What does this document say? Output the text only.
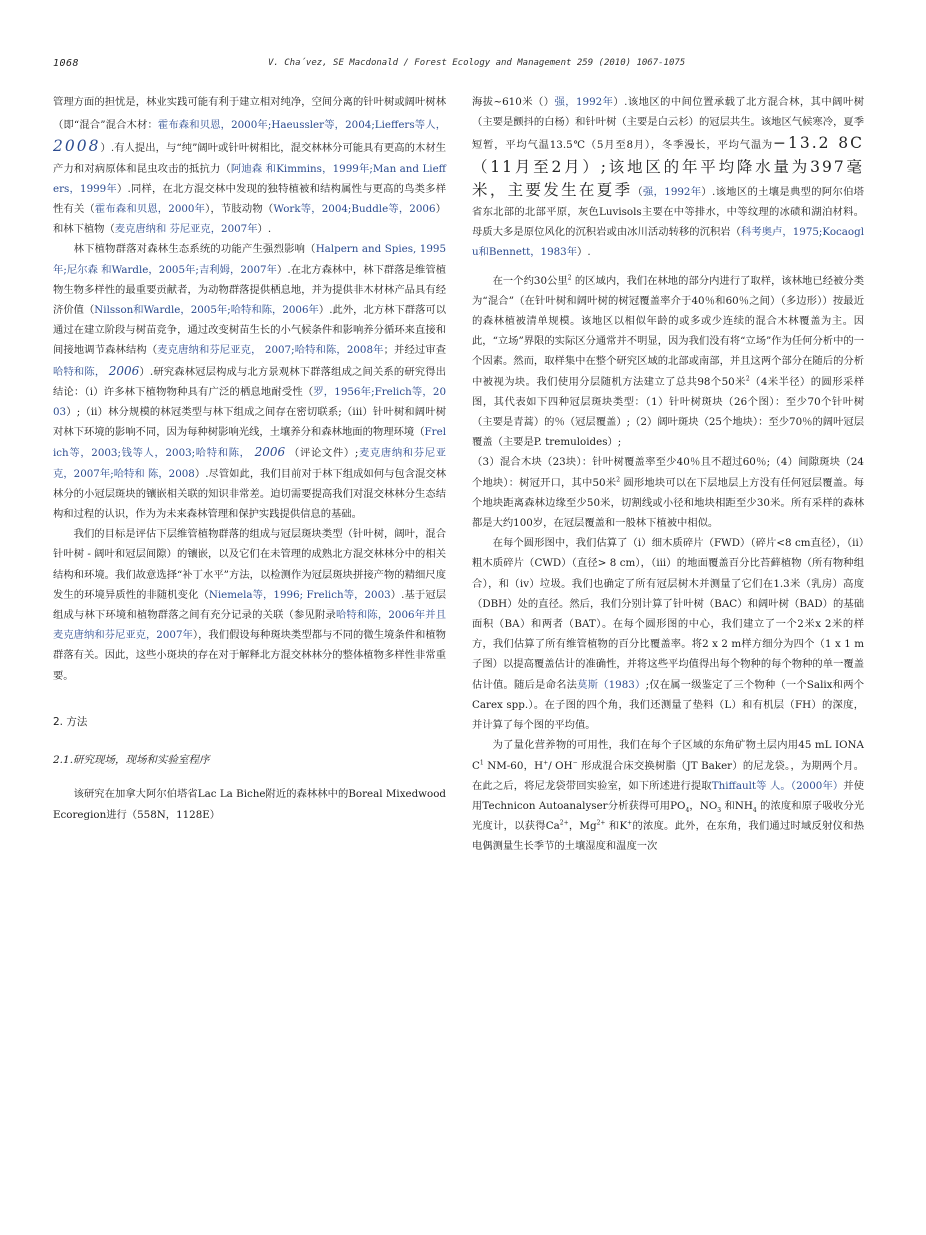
1068	V. Cha´vez, SE Macdonald / Forest Ecology and Management 259 (2010) 1067-1075

管理方面的担忧是，林业实践可能有利于建立相对纯净，空间分离的针叶树或阔叶树林（即“混合”混合木材：霍布森和贝恩，2000年;Haeussler等，2004;Lieffers等人， 2008）.有人提出，与“纯”阔叶或针叶树相比，混交林林分可能具有更高的木材生产力和对病原体和昆虫攻击的抵抗力（阿迪森 和Kimmins，1999年;Man and Lieffers，1999年）.同样，在北方混交林中发现的独特植被和结构属性与更高的鸟类多样性有关（霍布森和贝恩，2000年），节肢动物（Work等，2004;Buddle等，2006）和林下植物（麦克唐纳和 芬尼亚克，2007年）.

林下植物群落对森林生态系统的功能产生强烈影响（Halpern and Spies, 1995年;尼尔森 和Wardle，2005年;吉利姆，2007年）.在北方森林中，林下群落是维管植物生物多样性的最重要贡献者，为动物群落提供栖息地，并为提供非木材林产品具有经济价值（Nilsson和Wardle，2005年;哈特和陈，2006年）.此外，北方林下群落可以通过在建立阶段与树苗竞争，通过改变树苗生长的小气候条件和影响养分循环来直接和间接地调节森林结构（麦克唐纳和芬尼亚克， 2007;哈特和陈，2008年；并经过审查哈特和陈， 2006）.研究森林冠层构成与北方景观林下群落组成之间关系的研究得出结论：（i）许多林下植物物种具有广泛的栖息地耐受性（罗，1956年;Frelich等，2003）;（ii）林分规模的林冠类型与林下组成之间存在密切联系;（iii）针叶树和阔叶树对林下环境的影响不同，因为每种树影响光线，土壤养分和森林地面的物理环境（Frelich等，2003;钱等人，2003;哈特和陈， 2006 （评论文件）;麦克唐纳和芬尼亚克，2007年;哈特和 陈，2008）.尽管如此，我们目前对于林下组成如何与包含混交林林分的小冠层斑块的镶嵌相关联的知识非常差。迫切需要提高我们对混交林林分生态结构和过程的认识，作为为未来森林管理和保护实践提供信息的基础。

我们的目标是评估下层维管植物群落的组成与冠层斑块类型（针叶树，阔叶，混合针叶树 - 阔叶和冠层间隙）的镶嵌，以及它们在未管理的成熟北方混交林林分中的相关结构和环境。我们故意选择“补丁水平”方法，以检测作为冠层斑块拼接产物的精细尺度发生的环境异质性的非随机变化（Niemela等，1996; Frelich等，2003）.基于冠层组成与林下环境和植物群落之间有充分记录的关联（参见附录哈特和陈，2006年并且麦克唐纳和芬尼亚克，2007年），我们假设每种斑块类型都与不同的微生境条件和植物群落有关。因此，这些小斑块的存在对于解释北方混交林林分的整体植物多样性非常重要。

2. 方法
2.1.研究现场，现场和实验室程序

该研究在加拿大阿尔伯塔省Lac La Biche附近的森林林中的Boreal Mixedwood Ecoregion进行（558N，1128E）

海拔~610米（）强，1992年）.该地区的中间位置承载了北方混合林，其中阔叶树（主要是颤抖的白杨）和针叶树（主要是白云杉）的冠层共生。该地区气候寒冷，夏季短暂，平均气温13.5℃（5月至8月），冬季漫长，平均气温为−13.2 8C（11月至2月）;该地区的年平均降水量为397毫米，主要发生在夏季（强，1992年）.该地区的土壤是典型的阿尔伯塔省东北部的北部平原，灰色Luvisols主要在中等排水，中等纹理的冰碛和湖泊材料。母质大多是原位风化的沉积岩或由冰川活动转移的沉积岩（科考奥卢，1975;Kocaoglu和Bennett，1983年）.

在一个约30公里$^2$ 的区域内，我们在林地的部分内进行了取样，该林地已经被分类为“混合”（在针叶树和阔叶树的树冠覆盖率介于40％和60％之间）（多边形））按最近的森林植被清单规模。该地区以相似年龄的或多或少连续的混合木林覆盖为主。因此，“立场”界限的实际区分通常并不明显，因为我们没有将“立场”作为任何分析中的一个因素。然而，取样集中在整个研究区域的北部或南部，并且这两个部分在随后的分析中被视为块。我们使用分层随机方法建立了总共98个50米$^2$（4米半径）的圆形采样图，其代表如下四种冠层斑块类型：（1）针叶树斑块（26个图）：至少70个针叶树（主要是青蒿）的％（冠层覆盖）;（2）阔叶斑块（25个地块）：至少70％的阔叶冠层覆盖（主要是P. tremuloides）;

（3）混合木块（23块）：针叶树覆盖率至少40％且不超过60％;（4）间隙斑块（24个地块）：树冠开口，其中50米$^2$ 圆形地块可以在下层地层上方没有任何冠层覆盖。每个地块距离森林边缘至少50米，切割线或小径和地块相距至少30米。所有采样的森林都是大约100岁，在冠层覆盖和一般林下植被中相似。

在每个圆形图中，我们估算了（i）细木质碎片（FWD）（碎片<8 cm直径），（ii）粗木质碎片（CWD）（直径> 8 cm），（iii）的地面覆盖百分比苔藓植物（所有物种组合），和（iv）垃圾。我们也确定了所有冠层树木并测量了它们在1.3米（乳房）高度（DBH）处的直径。然后，我们分别计算了针叶树（BAC）和阔叶树（BAD）的基础面积（BA）和两者（BAT）。在每个圆形图的中心，我们建立了一个2米x 2米的样方，我们估算了所有维管植物的百分比覆盖率。将2 x 2 m样方细分为四个（1 x 1 m子图）以提高覆盖估计的准确性，并将这些平均值得出每个物种的每个物种的单一覆盖估计值。随后是命名法莫斯（1983）;仅在属一级鉴定了三个物种（一个Salix和两个Carex spp.）。在子图的四个角，我们还测量了垫料（L）和有机层（FH）的深度，并计算了每个图的平均值。

为了量化营养物的可用性，我们在每个子区域的东角矿物土层内用45 mL IONAC$^1$ NM-60，H+/ OH− 形成混合床交换树脂（JT Baker）的尼龙袋。，为期两个月。在此之后，将尼龙袋带回实验室，如下所述进行提取Thiffault等 人。（2000年）并使用Technicon Autoanalyser分析获得可用$PO_4$，$NO_3$ 和$NH_4$ 的浓度和原子吸收分光光度计，以获得$Ca^{2+}$，$Mg^{2+}$ 和K+的浓度。此外，在东角，我们通过时域反射仪和热电偶测量生长季节的土壤湿度和温度一次
